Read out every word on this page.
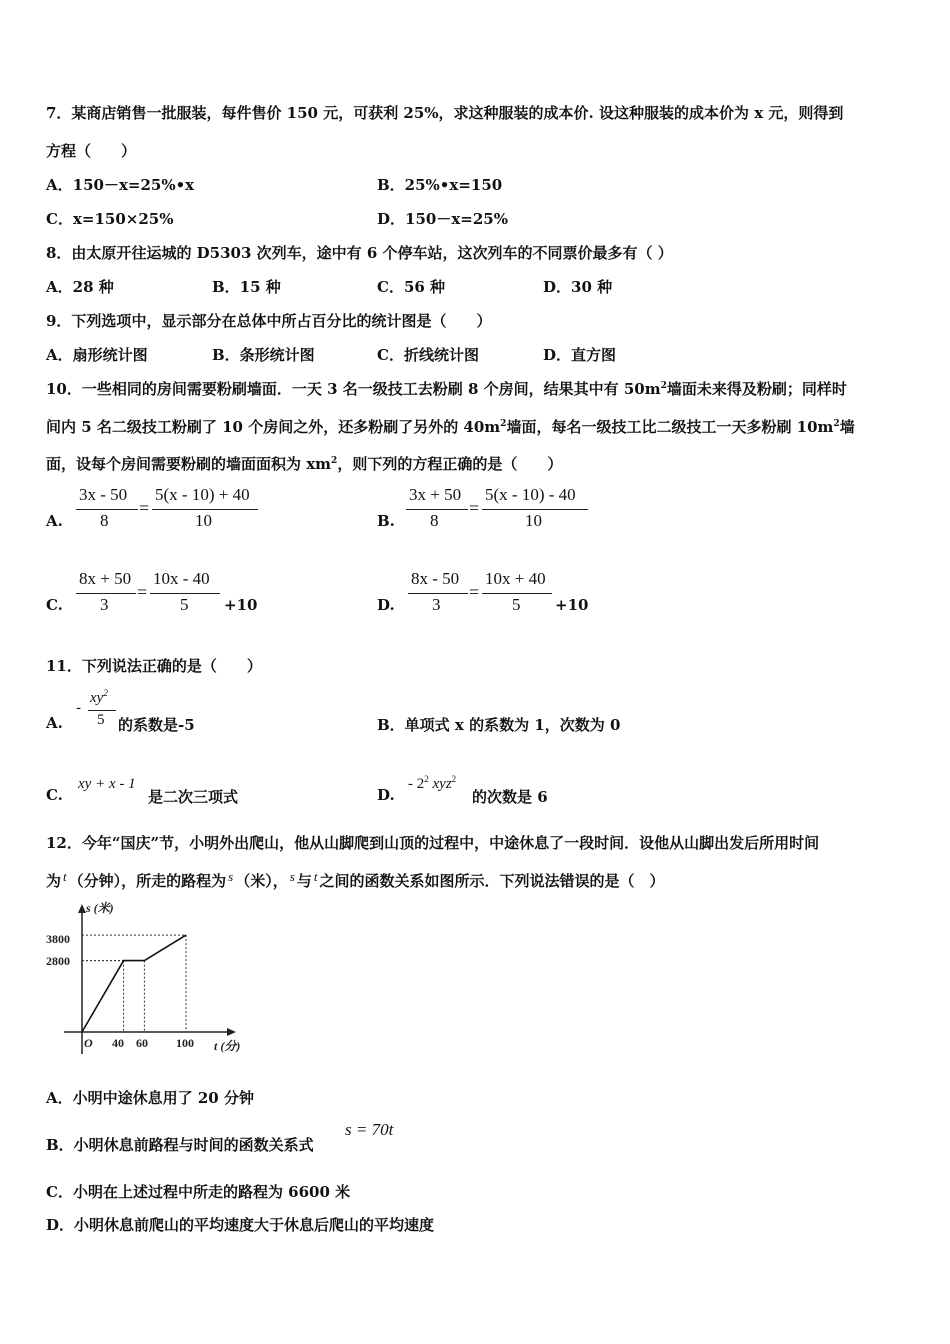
7．某商店销售一批服装，每件售价 150 元，可获利 25%，求这种服装的成本价. 设这种服装的成本价为 x 元，则得到
方程（　　）
A．150－x=25%•x	B．25%•x=150
C．x=150×25%	D．150－x=25%
8．由太原开往运城的 D5303 次列车，途中有 6 个停车站，这次列车的不同票价最多有（ ）
A．28 种	B．15 种	C．56 种	D．30 种
9．下列选项中，显示部分在总体中所占百分比的统计图是（　　）
A．扇形统计图	B．条形统计图	C．折线统计图	D．直方图
10．一些相同的房间需要粉刷墙面．一天 3 名一级技工去粉刷 8 个房间，结果其中有 $50m^2$墙面未来得及粉刷；同样时
间内 5 名二级技工粉刷了 10 个房间之外，还多粉刷了另外的 $40m^2$墙面，每名一级技工比二级技工一天多粉刷 $10m^2$墙
面，设每个房间需要粉刷的墙面面积为 $xm^2$，则下列的方程正确的是（　　）
A.
3x - 50
8
=
5(x - 10) + 40
10	B.
3x + 50
8
=
5(x - 10) - 40
10
C.
8x + 50
3
=
10x - 40
5 +10	D.
8x - 50
3
=
10x + 40
5 +10
11．下列说法正确的是（　　）
A.
-
$xy^2$
5 的系数是-5	B．单项式 x 的系数为 1，次数为 0
C.
xy + x - 1
是二次三项式	D.
- $2^2$ xyz$^2$
的次数是 6
12．今年“国庆”节，小明外出爬山，他从山脚爬到山顶的过程中，中途休息了一段时间．设他从山脚出发后所用时间
为 t （分钟），所走的路程为 s （米）， s 与 t 之间的函数关系如图所示．下列说法错误的是（　）
s (米)
t (分)
O
3800
2800
40 60 100
A．小明中途休息用了 20 分钟
B．小明休息前路程与时间的函数关系式
s = 70t
C．小明在上述过程中所走的路程为 6600 米
D．小明休息前爬山的平均速度大于休息后爬山的平均速度
